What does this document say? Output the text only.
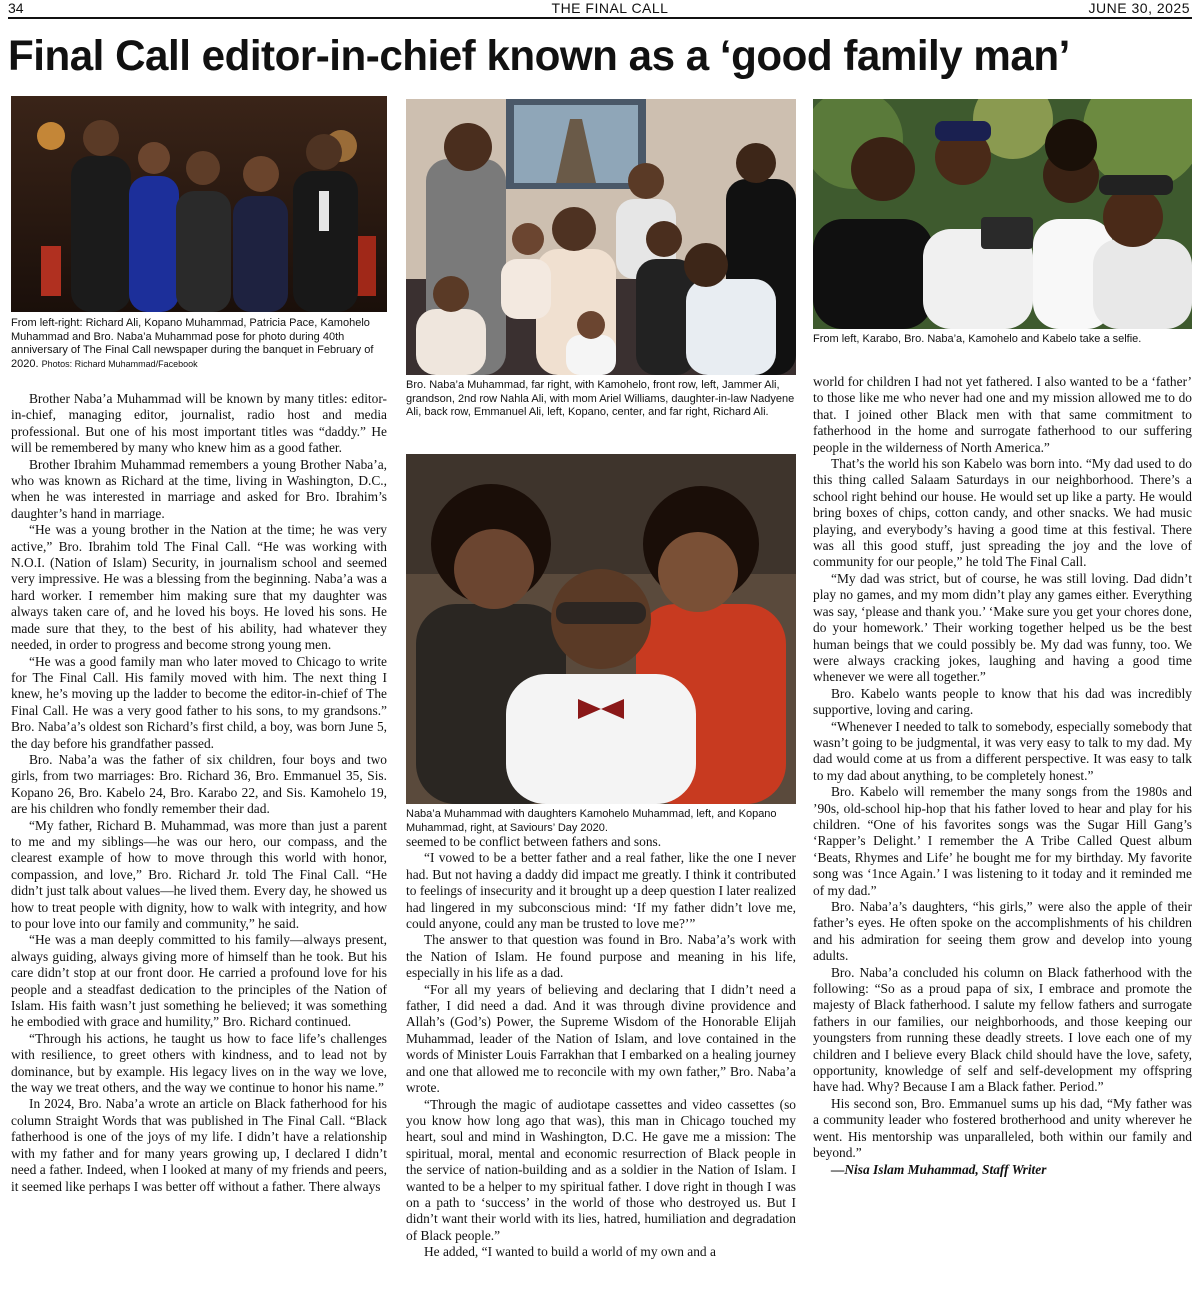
34	THE FINAL CALL	JUNE 30, 2025
Final Call editor-in-chief known as a ‘good family man’
From left-right: Richard Ali, Kopano Muhammad, Patricia Pace, Kamohelo Muhammad and Bro. Naba’a Muhammad pose for photo during 40th anniversary of The Final Call newspaper during the banquet in February of 2020. Photos: Richard Muhammad/Facebook
Bro. Naba’a Muhammad, far right, with Kamohelo, front row, left, Jammer Ali, grandson, 2nd row Nahla Ali, with mom Ariel Williams, daughter-in-law Nadyene Ali, back row, Emmanuel Ali, left, Kopano, center, and far right, Richard Ali.
From left, Karabo, Bro. Naba’a, Kamohelo and Kabelo take a selfie.
Naba’a Muhammad with daughters Kamohelo Muhammad, left, and Kopano Muhammad, right, at Saviours’ Day 2020.

Brother Naba’a Muhammad will be known by many titles: editor-in-chief, managing editor, journalist, radio host and media professional. But one of his most important titles was “daddy.” He will be remembered by many who knew him as a good father.

Brother Ibrahim Muhammad remembers a young Brother Naba’a, who was known as Richard at the time, living in Washington, D.C., when he was interested in marriage and asked for Bro. Ibrahim’s daughter’s hand in marriage.

“He was a young brother in the Nation at the time; he was very active,” Bro. Ibrahim told The Final Call. “He was working with N.O.I. (Nation of Islam) Security, in journalism school and seemed very impressive. He was a blessing from the beginning. Naba’a was a hard worker. I remember him making sure that my daughter was always taken care of, and he loved his boys. He loved his sons. He made sure that they, to the best of his ability, had whatever they needed, in order to progress and become strong young men.

“He was a good family man who later moved to Chicago to write for The Final Call. His family moved with him. The next thing I knew, he’s moving up the ladder to become the editor-in-chief of The Final Call. He was a very good father to his sons, to my grandsons.” Bro. Naba’a’s oldest son Richard’s first child, a boy, was born June 5, the day before his grandfather passed.

Bro. Naba’a was the father of six children, four boys and two girls, from two marriages: Bro. Richard 36, Bro. Emmanuel 35, Sis. Kopano 26, Bro. Kabelo 24, Bro. Karabo 22, and Sis. Kamohelo 19, are his children who fondly remember their dad.

“My father, Richard B. Muhammad, was more than just a parent to me and my siblings—he was our hero, our compass, and the clearest example of how to move through this world with honor, compassion, and love,” Bro. Richard Jr. told The Final Call. “He didn’t just talk about values—he lived them. Every day, he showed us how to treat people with dignity, how to walk with integrity, and how to pour love into our family and community,” he said.

“He was a man deeply committed to his family—always present, always guiding, always giving more of himself than he took. But his care didn’t stop at our front door. He carried a profound love for his people and a steadfast dedication to the principles of the Nation of Islam. His faith wasn’t just something he believed; it was something he embodied with grace and humility,” Bro. Richard continued.

“Through his actions, he taught us how to face life’s challenges with resilience, to greet others with kindness, and to lead not by dominance, but by example. His legacy lives on in the way we love, the way we treat others, and the way we continue to honor his name.”

In 2024, Bro. Naba’a wrote an article on Black fatherhood for his column Straight Words that was published in The Final Call. “Black fatherhood is one of the joys of my life. I didn’t have a relationship with my father and for many years growing up, I declared I didn’t need a father. Indeed, when I looked at many of my friends and peers, it seemed like perhaps I was better off without a father. There always

seemed to be conflict between fathers and sons.

“I vowed to be a better father and a real father, like the one I never had. But not having a daddy did impact me greatly. I think it contributed to feelings of insecurity and it brought up a deep question I later realized had lingered in my subconscious mind: ‘If my father didn’t love me, could anyone, could any man be trusted to love me?’”

The answer to that question was found in Bro. Naba’a’s work with the Nation of Islam. He found purpose and meaning in his life, especially in his life as a dad.

“For all my years of believing and declaring that I didn’t need a father, I did need a dad. And it was through divine providence and Allah’s (God’s) Power, the Supreme Wisdom of the Honorable Elijah Muhammad, leader of the Nation of Islam, and love contained in the words of Minister Louis Farrakhan that I embarked on a healing journey and one that allowed me to reconcile with my own father,” Bro. Naba’a wrote.

“Through the magic of audiotape cassettes and video cassettes (so you know how long ago that was), this man in Chicago touched my heart, soul and mind in Washington, D.C. He gave me a mission: The spiritual, moral, mental and economic resurrection of Black people in the service of nation-building and as a soldier in the Nation of Islam. I wanted to be a helper to my spiritual father. I dove right in though I was on a path to ‘success’ in the world of those who destroyed us. But I didn’t want their world with its lies, hatred, humiliation and degradation of Black people.”

He added, “I wanted to build a world of my own and a

world for children I had not yet fathered. I also wanted to be a ‘father’ to those like me who never had one and my mission allowed me to do that. I joined other Black men with that same commitment to fatherhood in the home and surrogate fatherhood to our suffering people in the wilderness of North America.”

That’s the world his son Kabelo was born into. “My dad used to do this thing called Salaam Saturdays in our neighborhood. There’s a school right behind our house. He would set up like a party. He would bring boxes of chips, cotton candy, and other snacks. We had music playing, and everybody’s having a good time at this festival. There was all this good stuff, just spreading the joy and the love of community for our people,” he told The Final Call.

“My dad was strict, but of course, he was still loving. Dad didn’t play no games, and my mom didn’t play any games either. Everything was say, ‘please and thank you.’ ‘Make sure you get your chores done, do your homework.’ Their working together helped us be the best human beings that we could possibly be. My dad was funny, too. We were always cracking jokes, laughing and having a good time whenever we were all together.”

Bro. Kabelo wants people to know that his dad was incredibly supportive, loving and caring.

“Whenever I needed to talk to somebody, especially somebody that wasn’t going to be judgmental, it was very easy to talk to my dad. My dad would come at us from a different perspective. It was easy to talk to my dad about anything, to be completely honest.”

Bro. Kabelo will remember the many songs from the 1980s and ’90s, old-school hip-hop that his father loved to hear and play for his children. “One of his favorites songs was the Sugar Hill Gang’s ‘Rapper’s Delight.’ I remember the A Tribe Called Quest album ‘Beats, Rhymes and Life’ he bought me for my birthday. My favorite song was ‘1nce Again.’ I was listening to it today and it reminded me of my dad.”

Bro. Naba’a’s daughters, “his girls,” were also the apple of their father’s eyes. He often spoke on the accomplishments of his children and his admiration for seeing them grow and develop into young adults.

Bro. Naba’a concluded his column on Black fatherhood with the following: “So as a proud papa of six, I embrace and promote the majesty of Black fatherhood. I salute my fellow fathers and surrogate fathers in our families, our neighborhoods, and those keeping our youngsters from running these deadly streets. I love each one of my children and I believe every Black child should have the love, safety, opportunity, knowledge of self and self-development my offspring have had. Why? Because I am a Black father. Period.”

His second son, Bro. Emmanuel sums up his dad, “My father was a community leader who fostered brotherhood and unity wherever he went. His mentorship was unparalleled, both within our family and beyond.”

—Nisa Islam Muhammad, Staff Writer
